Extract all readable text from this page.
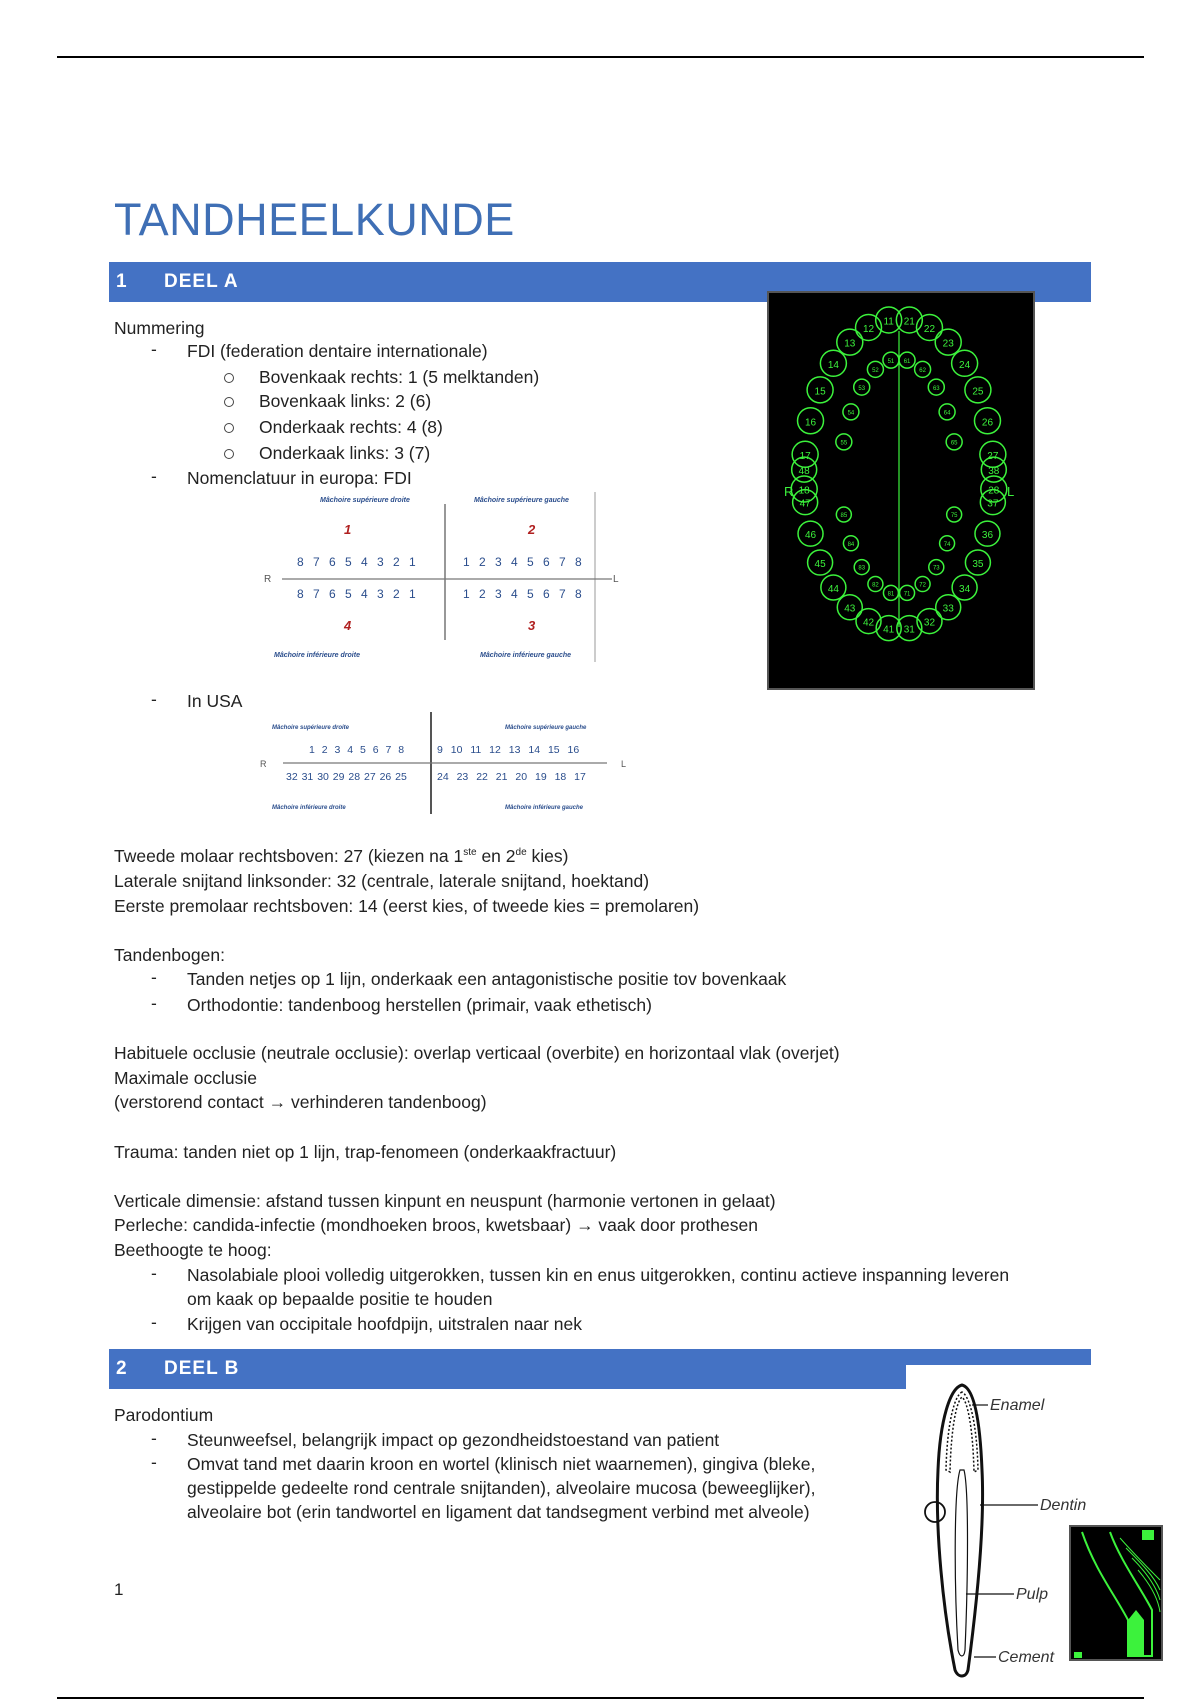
TANDHEELKUNDE
1 DEEL A
Nummering
- FDI (federation dentaire internationale)
Bovenkaak rechts: 1 (5 melktanden)
Bovenkaak links: 2 (6)
Onderkaak rechts: 4 (8)
Onderkaak links: 3 (7)
- Nomenclatuur in europa: FDI
Mâchoire supérieure droite	Mâchoire supérieure gauche
1	2
8 7 6 5 4 3 2 1	1 2 3 4 5 6 7 8
R	L
8 7 6 5 4 3 2 1	1 2 3 4 5 6 7 8
4	3
Mâchoire inférieure droite	Mâchoire inférieure gauche
- In USA
Mâchoire supérieure droite	Mâchoire supérieure gauche
1 2 3 4 5 6 7 8	9 10 11 12 13 14 15 16
R	L
32 31 30 29 28 27 26 25	24 23 22 21 20 19 18 17
Mâchoire inférieure droite	Mâchoire inférieure gauche
18
17
16
15
14
13
12
11 21
22
23
24
25
26
27
28
48
47
46
45
44
43
42
41 31
32
33
34
35
36
37
38
55
54
53
52
51 61
62
63
64
65
85
84
83
82
81 71
72
73
74
75
R	L
Tweede molaar rechtsboven: 27 (kiezen na 1ste en 2de kies)
Laterale snijtand linksonder: 32 (centrale, laterale snijtand, hoektand)
Eerste premolaar rechtsboven: 14 (eerst kies, of tweede kies = premolaren)
Tandenbogen:
- Tanden netjes op 1 lijn, onderkaak een antagonistische positie tov bovenkaak
- Orthodontie: tandenboog herstellen (primair, vaak ethetisch)
Habituele occlusie (neutrale occlusie): overlap verticaal (overbite) en horizontaal vlak (overjet)
Maximale occlusie
(verstorend contact → verhinderen tandenboog)
Trauma: tanden niet op 1 lijn, trap-fenomeen (onderkaakfractuur)
Verticale dimensie: afstand tussen kinpunt en neuspunt (harmonie vertonen in gelaat)
Perleche: candida-infectie (mondhoeken broos, kwetsbaar) → vaak door prothesen
Beethoogte te hoog:
- Nasolabiale plooi volledig uitgerokken, tussen kin en enus uitgerokken, continu actieve inspanning leveren
om kaak op bepaalde positie te houden
- Krijgen van occipitale hoofdpijn, uitstralen naar nek
2 DEEL B
Parodontium
- Steunweefsel, belangrijk impact op gezondheidstoestand van patient
- Omvat tand met daarin kroon en wortel (klinisch niet waarnemen), gingiva (bleke,
gestippelde gedeelte rond centrale snijtanden), alveolaire mucosa (beweeglijker),
alveolaire bot (erin tandwortel en ligament dat tandsegment verbind met alveole)
1
Enamel
Dentin
Pulp
Cement
